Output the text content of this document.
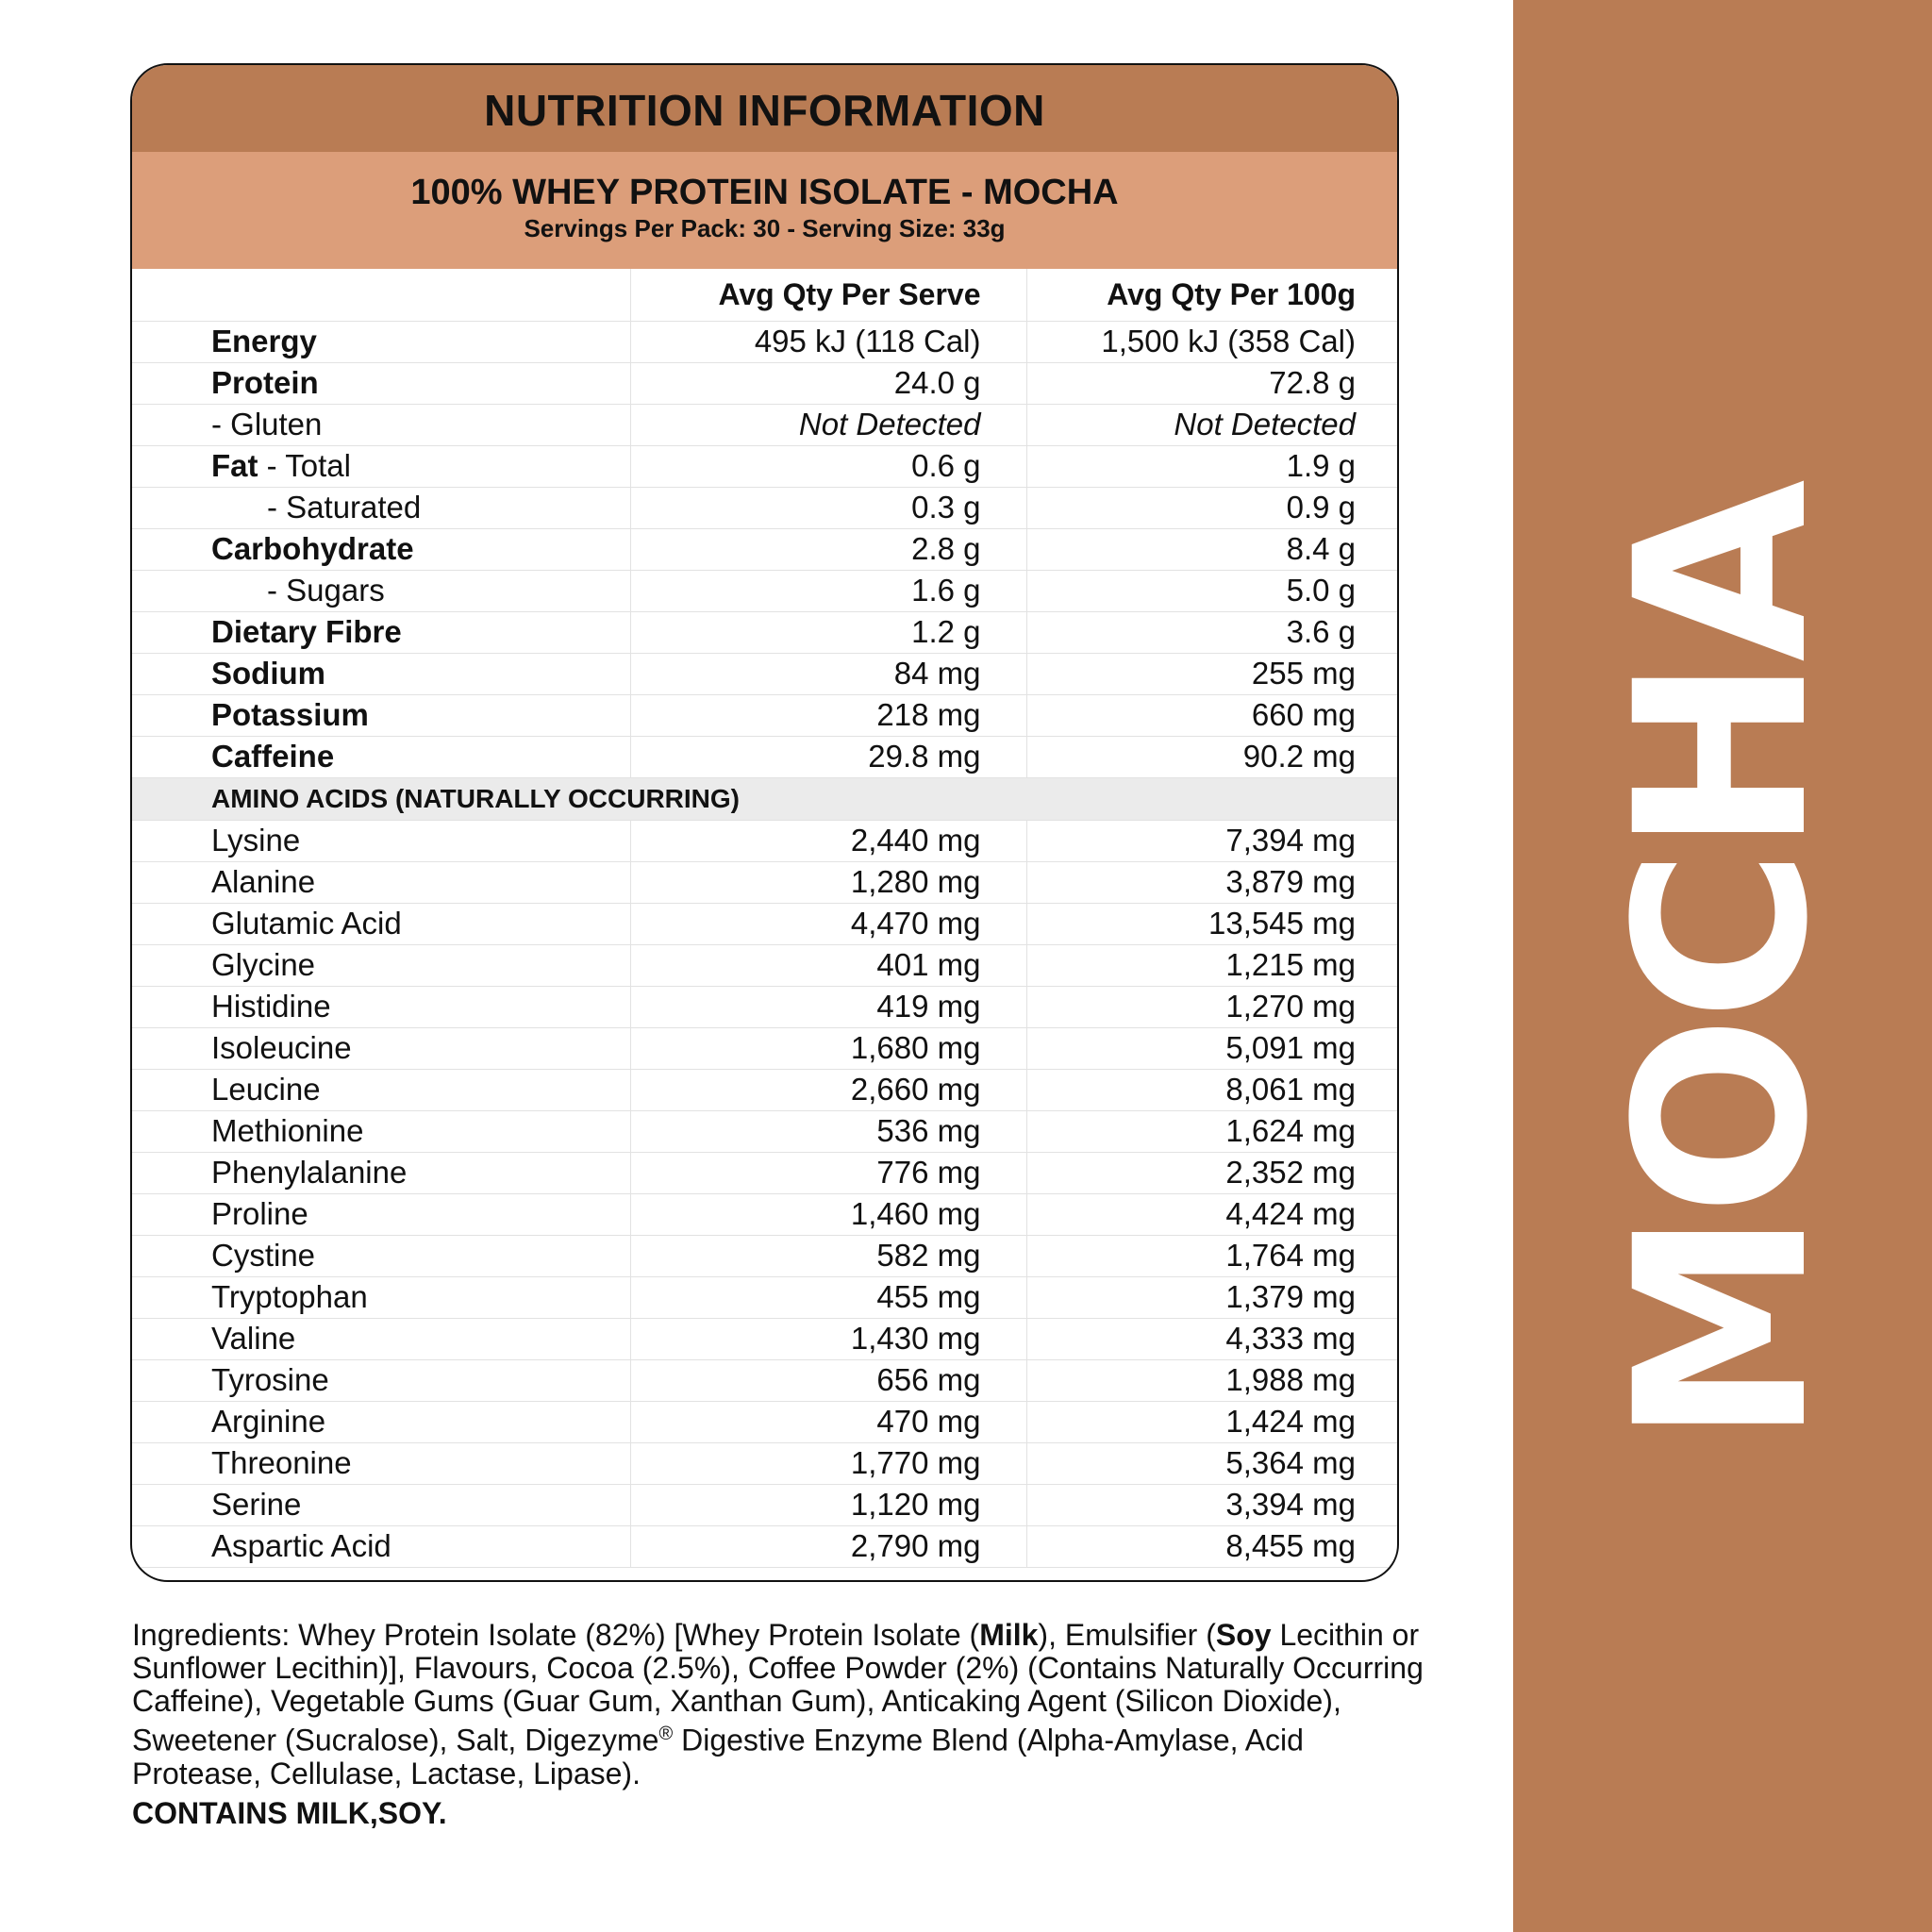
MOCHA
NUTRITION INFORMATION
100% WHEY PROTEIN ISOLATE - MOCHA
Servings Per Pack: 30 - Serving Size: 33g
	Avg Qty Per Serve	Avg Qty Per 100g
Energy	495 kJ (118 Cal)	1,500 kJ (358 Cal)
Protein	24.0 g	72.8 g
- Gluten	Not Detected	Not Detected
Fat - Total	0.6 g	1.9 g
- Saturated	0.3 g	0.9 g
Carbohydrate	2.8 g	8.4 g
- Sugars	1.6 g	5.0 g
Dietary Fibre	1.2 g	3.6 g
Sodium	84 mg	255 mg
Potassium	218 mg	660 mg
Caffeine	29.8 mg	90.2 mg
AMINO ACIDS (NATURALLY OCCURRING)		
Lysine	2,440 mg	7,394 mg
Alanine	1,280 mg	3,879 mg
Glutamic Acid	4,470 mg	13,545 mg
Glycine	401 mg	1,215 mg
Histidine	419 mg	1,270 mg
Isoleucine	1,680 mg	5,091 mg
Leucine	2,660 mg	8,061 mg
Methionine	536 mg	1,624 mg
Phenylalanine	776 mg	2,352 mg
Proline	1,460 mg	4,424 mg
Cystine	582 mg	1,764 mg
Tryptophan	455 mg	1,379 mg
Valine	1,430 mg	4,333 mg
Tyrosine	656 mg	1,988 mg
Arginine	470 mg	1,424 mg
Threonine	1,770 mg	5,364 mg
Serine	1,120 mg	3,394 mg
Aspartic Acid	2,790 mg	8,455 mg
Ingredients: Whey Protein Isolate (82%) [Whey Protein Isolate (Milk), Emulsifier (Soy Lecithin or Sunflower Lecithin)], Flavours, Cocoa (2.5%), Coffee Powder (2%) (Contains Naturally Occurring Caffeine), Vegetable Gums (Guar Gum, Xanthan Gum), Anticaking Agent (Silicon Dioxide), Sweetener (Sucralose), Salt, Digezyme® Digestive Enzyme Blend (Alpha-Amylase, Acid Protease, Cellulase, Lactase, Lipase).
CONTAINS MILK,SOY.
